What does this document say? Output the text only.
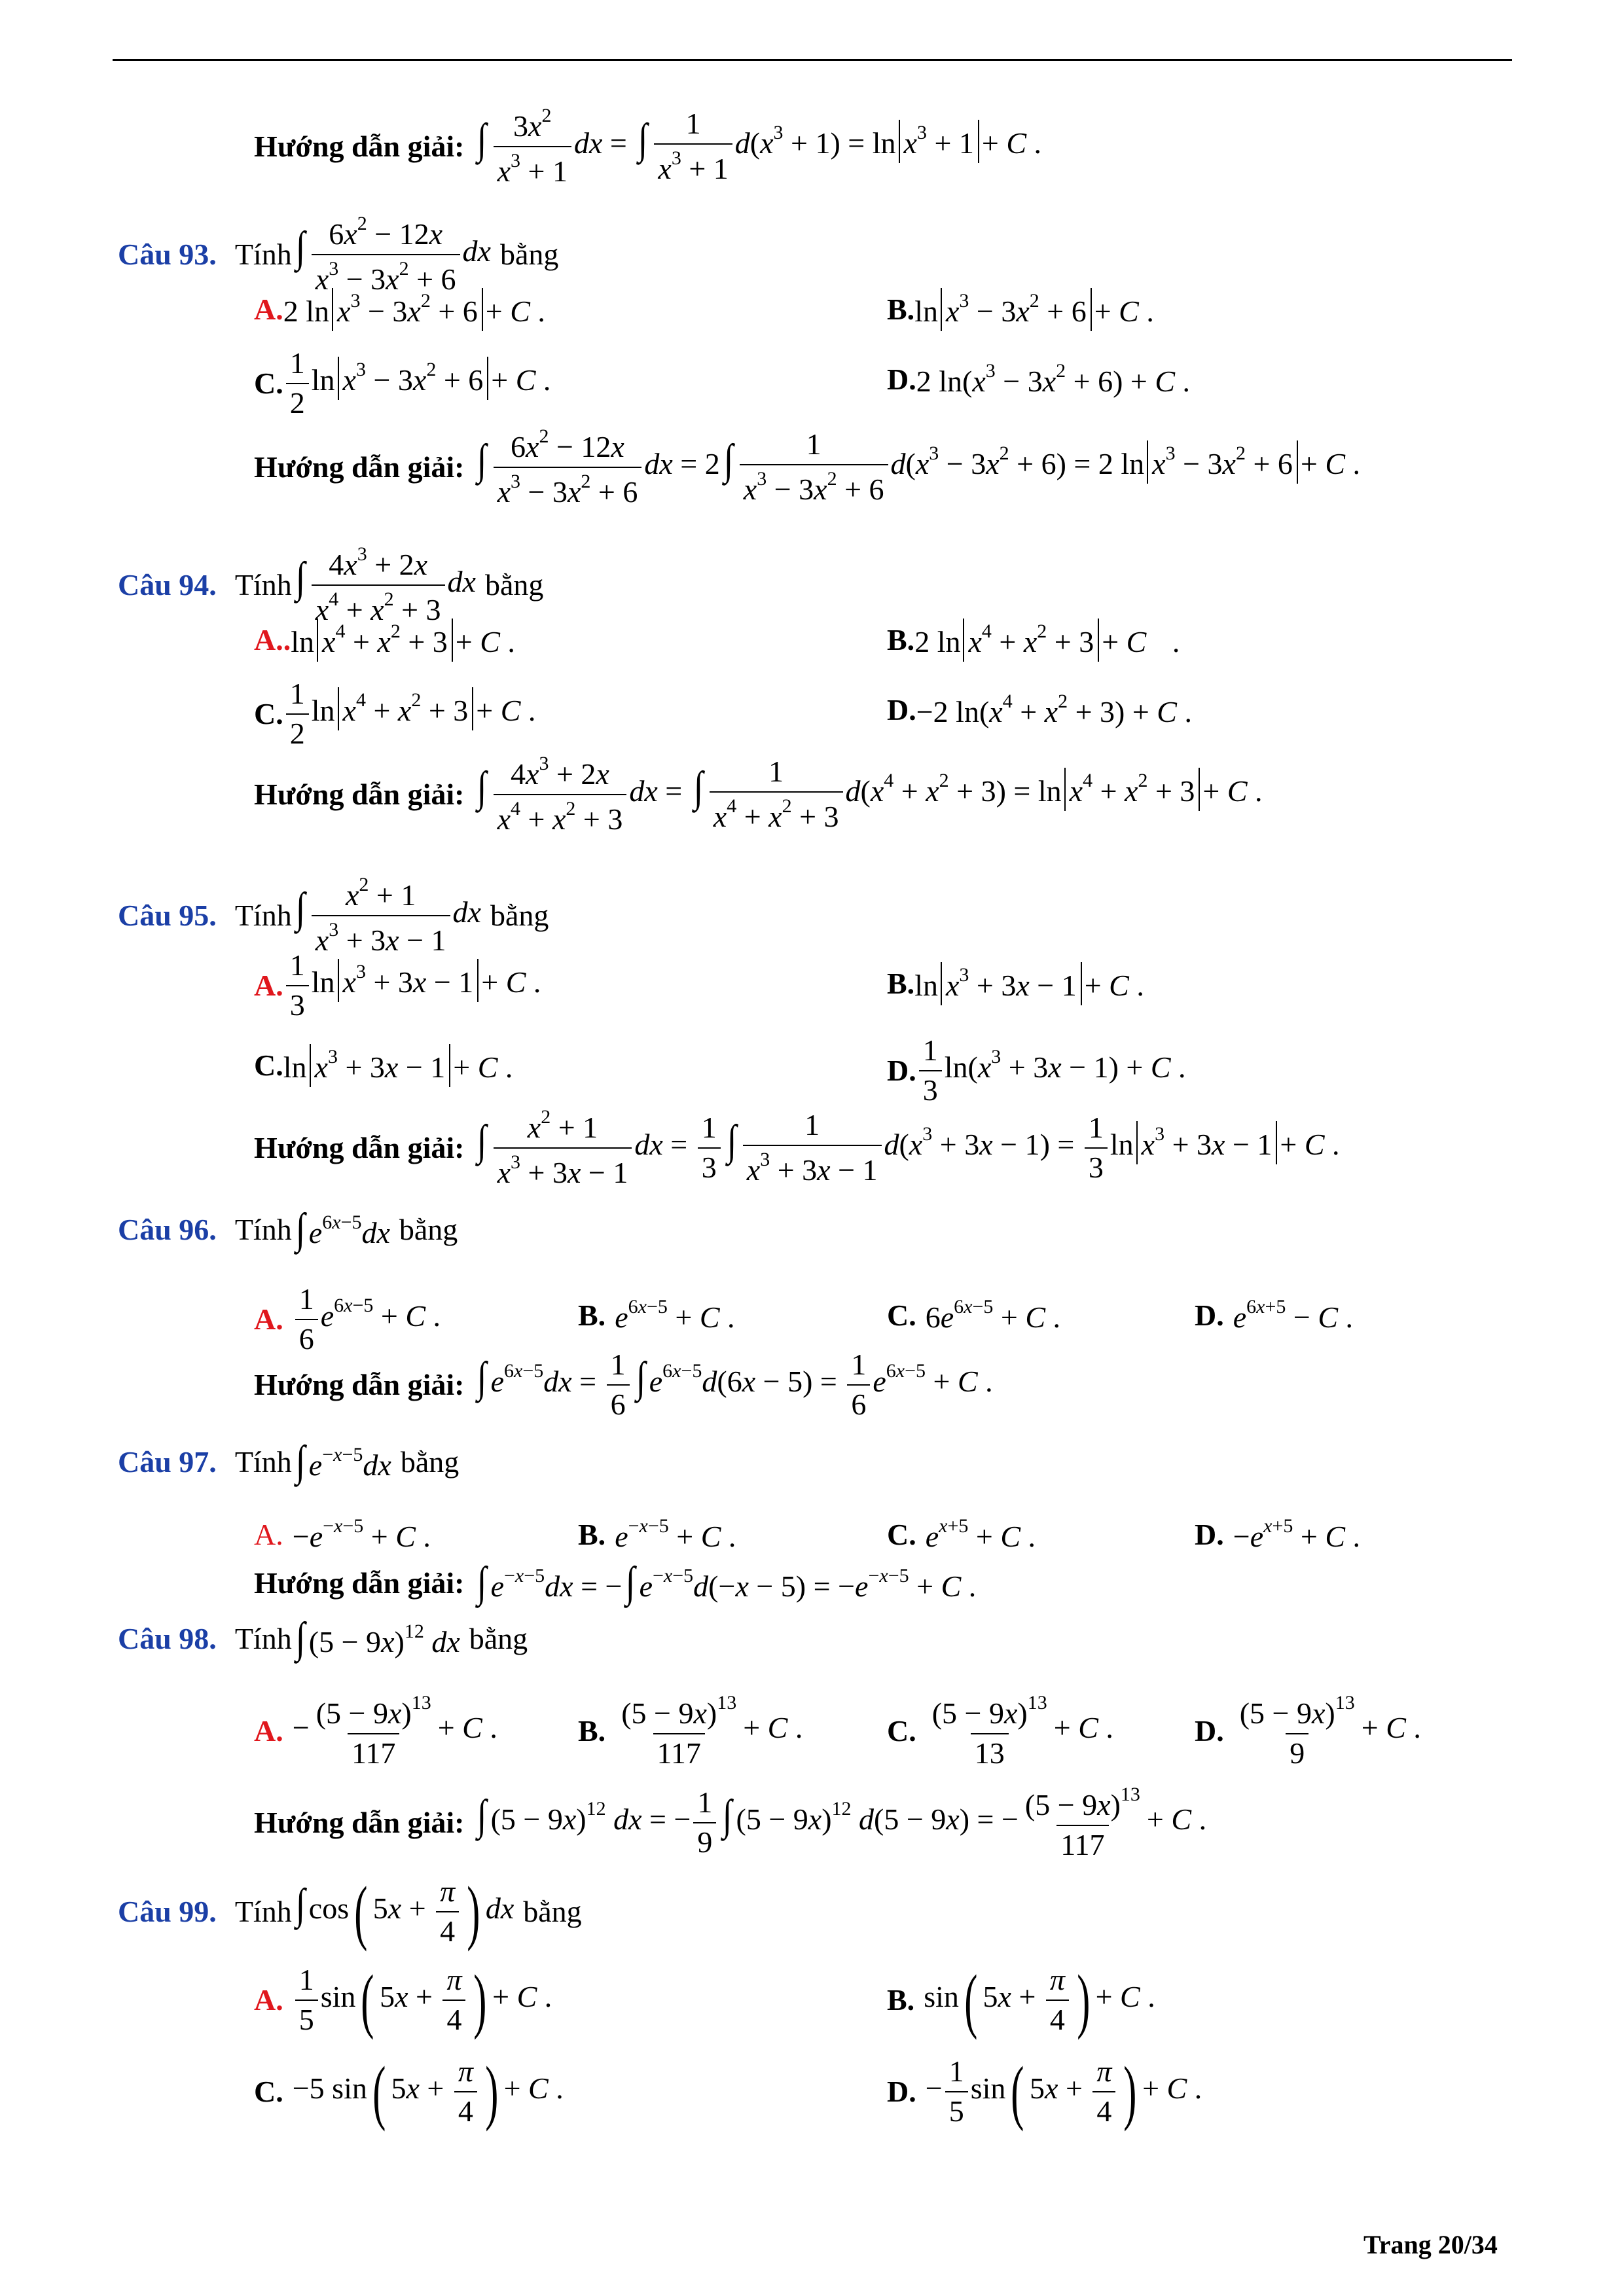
Hướng dẫn giải: ∫ $\frac{3x^2}{x^3 + 1}$ dx = ∫ $\frac{1}{x^3 + 1} d(x^3 + 1) = \ln x^3 + 1 + C$ .
Câu 93. Tính ∫ $\frac{6x^2 - 12x}{x^3 - 3x^2 + 6}$ dx bằng
A. 2 $\ln x^3 - 3x^2 + 6 + C$ .	B. $\ln x^3 - 3x^2 + 6 + C$ .
C. $\frac{1}{2}$ $\ln x^3 - 3x^2 + 6 + C$ .	D. 2 $\ln(x^3 - 3x^2 + 6) + C$ .
Hướng dẫn giải: ∫ $\frac{6x^2 - 12x}{x^3 - 3x^2 + 6}$ dx = $2\int \frac{1}{x^3 - 3x^2 + 6} d(x^3 - 3x^2 + 6) = 2$ $\ln x^3 - 3x^2 + 6 + C$ .
Câu 94. Tính ∫ $\frac{4x^3 + 2x}{x^4 + x^2 + 3}$ dx bằng
A.. $\ln x^4 + x^2 + 3 + C$ .	B. 2 $\ln x^4 + x^2 + 3 + C$ .
C. $\frac{1}{2}$ $\ln x^4 + x^2 + 3 + C$ .	D. −2 $\ln(x^4 + x^2 + 3) + C$ .
Hướng dẫn giải: ∫ $\frac{4x^3 + 2x}{x^4 + x^2 + 3}$ dx = ∫ $\frac{1}{x^4 + x^2 + 3} d(x^4 + x^2 + 3) = \ln x^4 + x^2 + 3 + C$ .
Câu 95. Tính ∫ $\frac{x^2 + 1}{x^3 + 3x - 1}$ dx bằng
A. $\frac{1}{3}$ $\ln x^3 + 3x - 1 + C$ .	B. $\ln x^3 + 3x - 1 + C$ .
C. $\ln x^3 + 3x - 1 + C$ .	D. $\frac{1}{3} \ln(x^3 + 3x - 1) + C$ .
Hướng dẫn giải: ∫ $\frac{x^2 + 1}{x^3 + 3x - 1}$ dx = $\frac{1}{3}$ ∫ $\frac{1}{x^3 + 3x - 1} d(x^3 + 3x - 1) = \frac{1}{3}$ $\ln x^3 + 3x - 1 + C$ .
Câu 96. Tính ∫ $e^{6x-5}dx$ bằng
A. $\frac{1}{6} e^{6x-5} + C$ .	B. $e^{6x-5} + C$ .	C. $6e^{6x-5} + C$ .	D. $e^{6x+5} - C$ .
Hướng dẫn giải: ∫ $e^{6x-5}dx = \frac{1}{6}$ ∫ $e^{6x-5}d(6x - 5) = \frac{1}{6} e^{6x-5} + C$ .
Câu 97. Tính ∫ $e^{-x-5}dx$ bằng
A. $-e^{-x-5} + C$ .	B. $e^{-x-5} + C$ .	C. $e^{x+5} + C$ .	D. $-e^{x+5} + C$ .
Hướng dẫn giải: ∫ $e^{-x-5}dx$ = −∫ $e^{-x-5}d(-x - 5) = -e^{-x-5} + C$ .
Câu 98. Tính ∫ $(5 - 9x)^{12}$ dx bằng
A. − $\frac{(5 - 9x)^{13}}{117} + C$ .	B. $\frac{(5 - 9x)^{13}}{117} + C$ .	C. $\frac{(5 - 9x)^{13}}{13} + C$ .	D. $\frac{(5 - 9x)^{13}}{9} + C$ .
Hướng dẫn giải: ∫ $(5 - 9x)^{12}$ dx = − $\frac{1}{9}$ ∫ $(5 - 9x)^{12}$ d(5 − 9x) = − $\frac{(5 - 9x)^{13}}{117} + C$ .
Câu 99. Tính ∫ cos( $5x + \frac{\pi}{4}$ ) dx bằng
A. $\frac{1}{5} \sin$( $5x + \frac{\pi}{4}$ ) + C .	B. sin( $5x + \frac{\pi}{4}$ ) + C .
C. −5 sin( $5x + \frac{\pi}{4}$ ) + C .	D. − $\frac{1}{5} \sin$( $5x + \frac{\pi}{4}$ ) + C .
Trang 20/34
